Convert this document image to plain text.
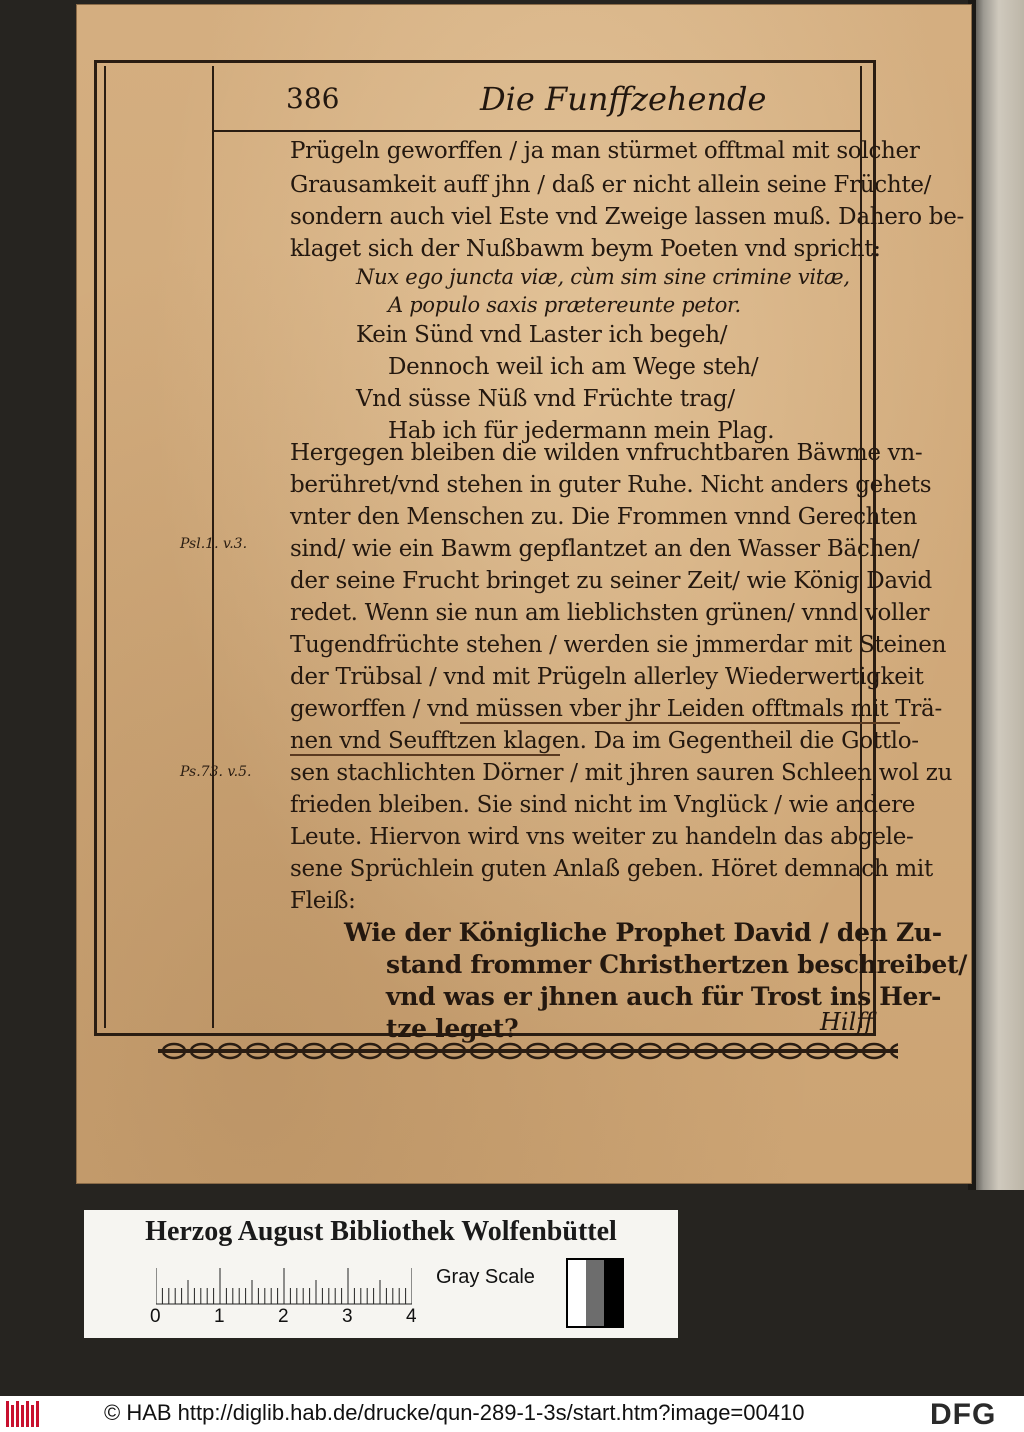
386	Die Funffzehende
Prügeln geworffen / ja man stürmet offtmal mit solcher
Grausamkeit auff jhn / daß er nicht allein seine Früchte/
sondern auch viel Este vnd Zweige lassen muß. Dahero be-
klaget sich der Nußbawm beym Poeten vnd spricht:
Nux ego juncta viæ, cùm sim sine crimine vitæ,
A populo saxis prætereunte petor.
Kein Sünd vnd Laster ich begeh/
Dennoch weil ich am Wege steh/
Vnd süsse Nüß vnd Früchte trag/
Hab ich für jedermann mein Plag.
Hergegen bleiben die wilden vnfruchtbaren Bäwme vn-
berühret/vnd stehen in guter Ruhe. Nicht anders gehets
vnter den Menschen zu. Die Frommen vnnd Gerechten
sind/ wie ein Bawm gepflantzet an den Wasser Bächen/
der seine Frucht bringet zu seiner Zeit/ wie König David
redet. Wenn sie nun am lieblichsten grünen/ vnnd voller
Tugendfrüchte stehen / werden sie jmmerdar mit Steinen
der Trübsal / vnd mit Prügeln allerley Wiederwertigkeit
geworffen / vnd müssen vber jhr Leiden offtmals mit Trä-
nen vnd Seufftzen klagen. Da im Gegentheil die Gottlo-
sen stachlichten Dörner / mit jhren sauren Schleen wol zu
frieden bleiben. Sie sind nicht im Vnglück / wie andere
Leute. Hiervon wird vns weiter zu handeln das abgele-
sene Sprüchlein guten Anlaß geben. Höret demnach mit
Fleiß:
Wie der Königliche Prophet David / den Zu-
stand frommer Christhertzen beschreibet/
vnd was er jhnen auch für Trost ins Her-
tze leget?
Psl.1. v.3.
Ps.73. v.5.
Hilff
Herzog August Bibliothek Wolfenbüttel
0	1	2	3	4
Gray Scale
© HAB http://diglib.hab.de/drucke/qun-289-1-3s/start.htm?image=00410	DFG
